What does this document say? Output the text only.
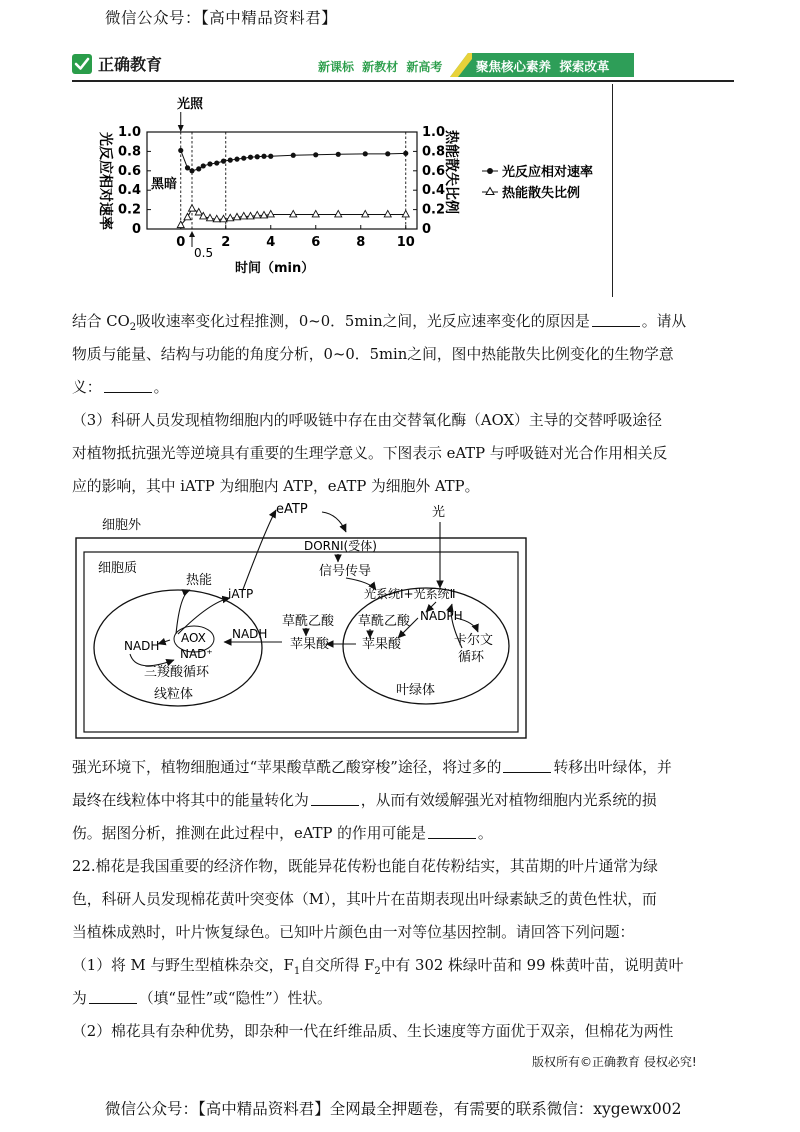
微信公众号：【高中精品资料君】
正确教育	新课标 新教材 新高考	聚焦核心素养 探索改革
0
0.2
0.4
0.6
0.8
1.0
0
0.2
0.4
0.6
0.8
1.0
0	2	4	6	8 10
光反应相对速率	热能散失比例
光照
黑暗
时间（min）
0.5
光反应相对速率
热能散失比例
结合 $CO_2$吸收速率变化过程推测，0~0．5min之间，光反应速率变化的原因是	。请从
物质与能量、结构与功能的角度分析，0~0．5min之间，图中热能散失比例变化的生物学意
义：	。
（3）科研人员发现植物细胞内的呼吸链中存在由交替氧化酶（AOX）主导的交替呼吸途径
对植物抵抗强光等逆境具有重要的生理学意义。下图表示 eATP 与呼吸链对光合作用相关反
应的影响，其中 iATP 为细胞内 ATP，eATP 为细胞外 ATP。
细胞外
细胞质
eATP	光
DORNI(受体)
信号传导
热能
iATP	光系统Ⅰ+光系统Ⅱ
草酰乙酸 草酰乙酸 NADPH
NADH
苹果酸	苹果酸
NADH
AOX
NAD⁺
卡尔文
循环
三羧酸循环
线粒体	叶绿体
强光环境下，植物细胞通过“苹果酸草酰乙酸穿梭”途径，将过多的	转移出叶绿体，并
最终在线粒体中将其中的能量转化为	，从而有效缓解强光对植物细胞内光系统的损
伤。据图分析，推测在此过程中，eATP 的作用可能是	。
22.棉花是我国重要的经济作物，既能异花传粉也能自花传粉结实，其苗期的叶片通常为绿
色，科研人员发现棉花黄叶突变体（M），其叶片在苗期表现出叶绿素缺乏的黄色性状，而
当植株成熟时，叶片恢复绿色。已知叶片颜色由一对等位基因控制。请回答下列问题：
（1）将 M 与野生型植株杂交，$F_1$自交所得 $F_2$中有 302 株绿叶苗和 99 株黄叶苗，说明黄叶
为	（填“显性”或“隐性”）性状。
（2）棉花具有杂种优势，即杂种一代在纤维品质、生长速度等方面优于双亲，但棉花为两性
版权所有©正确教育 侵权必究!
微信公众号：【高中精品资料君】全网最全押题卷，有需要的联系微信：xygewx002
